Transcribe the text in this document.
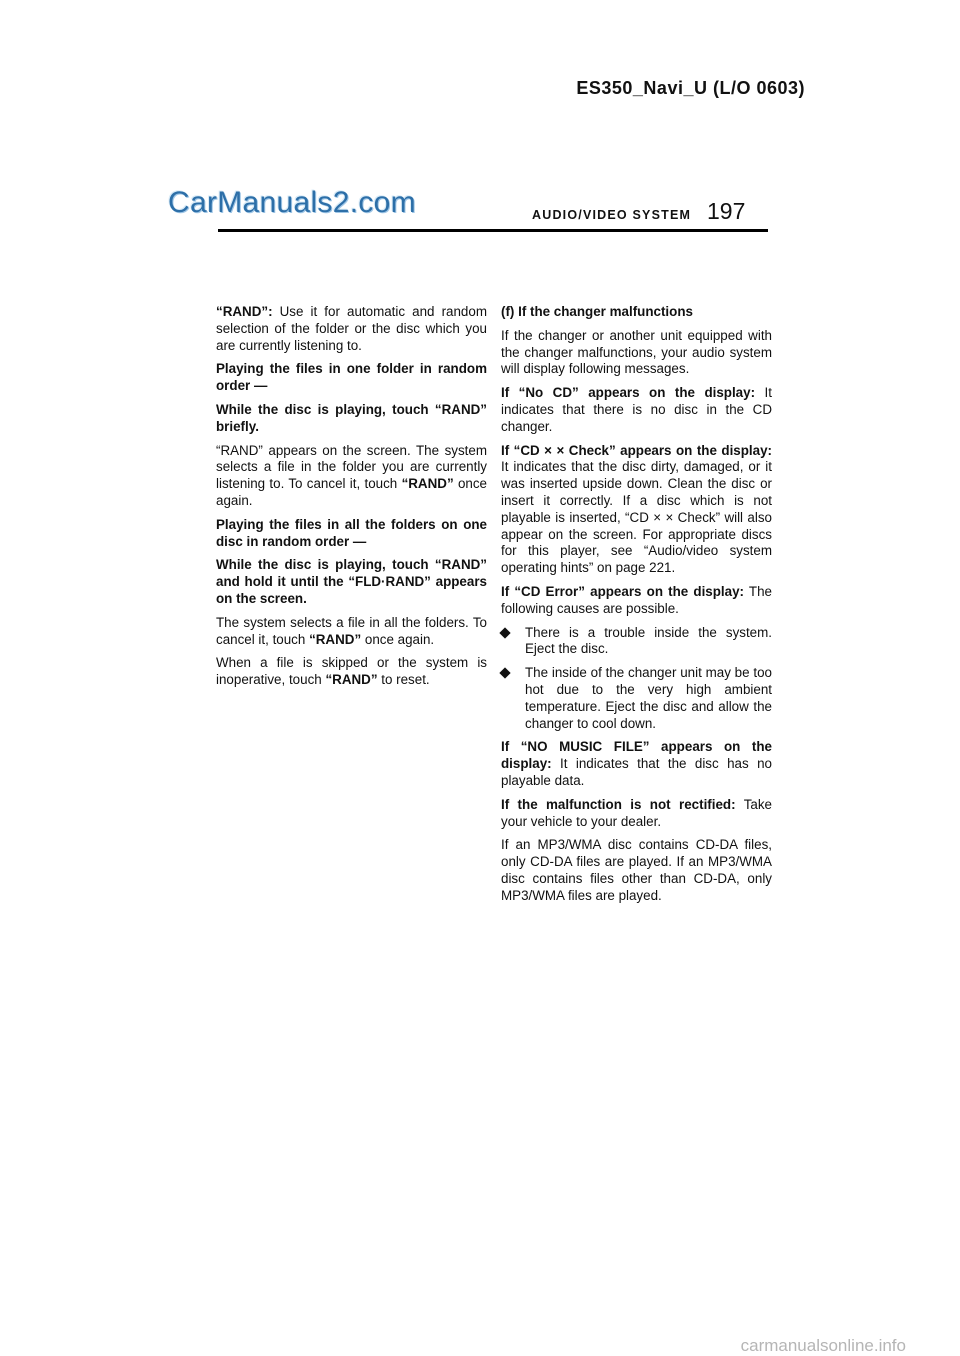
ES350_Navi_U (L/O 0603)
CarManuals2.com	AUDIO/VIDEO SYSTEM 197

“RAND”: Use it for automatic and random selection of the folder or the disc which you are currently listening to.

Playing the files in one folder in random order —

While the disc is playing, touch “RAND” briefly.

“RAND” appears on the screen. The system selects a file in the folder you are currently listening to. To cancel it, touch “RAND” once again.

Playing the files in all the folders on one disc in random order —

While the disc is playing, touch “RAND” and hold it until the “FLD·RAND” appears on the screen.

The system selects a file in all the folders. To cancel it, touch “RAND” once again.

When a file is skipped or the system is inoperative, touch “RAND” to reset.

(f) If the changer malfunctions

If the changer or another unit equipped with the changer malfunctions, your audio system will display following messages.

If “No CD” appears on the display: It indicates that there is no disc in the CD changer.

If “CD × × Check” appears on the display: It indicates that the disc dirty, damaged, or it was inserted upside down. Clean the disc or insert it correctly. If a disc which is not playable is inserted, “CD × × Check” will also appear on the screen. For appropriate discs for this player, see “Audio/video system operating hints” on page 221.

If “CD Error” appears on the display: The following causes are possible.

There is a trouble inside the system. Eject the disc.
The inside of the changer unit may be too hot due to the very high ambient temperature. Eject the disc and allow the changer to cool down.

If “NO MUSIC FILE” appears on the display: It indicates that the disc has no playable data.

If the malfunction is not rectified: Take your vehicle to your dealer.

If an MP3/WMA disc contains CD-DA files, only CD-DA files are played. If an MP3/WMA disc contains files other than CD-DA, only MP3/WMA files are played.

carmanualsonline.info
